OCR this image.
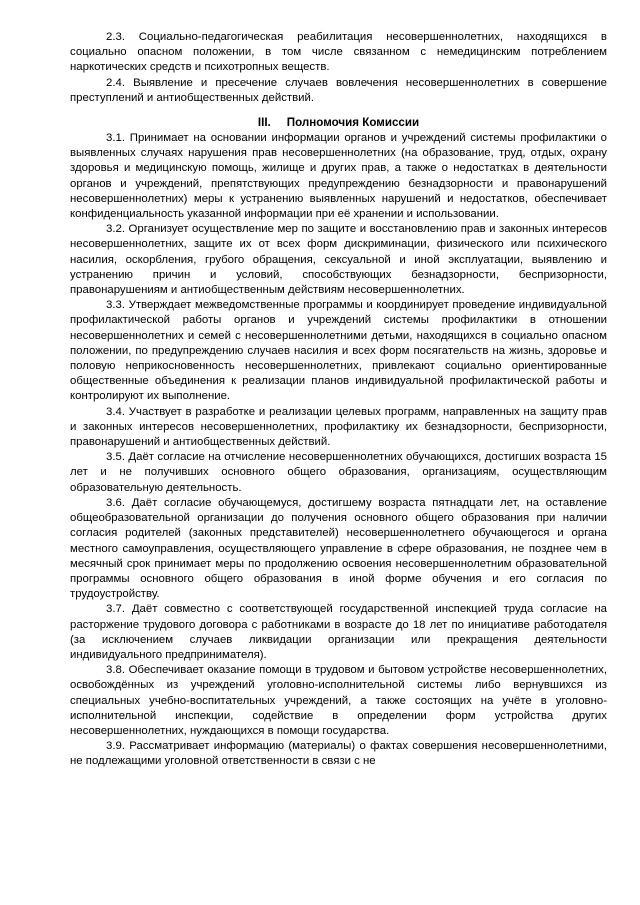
2.3. Социально-педагогическая реабилитация несовершеннолетних, находящихся в социально опасном положении, в том числе связанном с немедицинским потреблением наркотических средств и психотропных веществ.

2.4. Выявление и пресечение случаев вовлечения несовершеннолетних в совершение преступлений и антиобщественных действий.

III. Полномочия Комиссии

3.1. Принимает на основании информации органов и учреждений системы профилактики о выявленных случаях нарушения прав несовершеннолетних (на образование, труд, отдых, охрану здоровья и медицинскую помощь, жилище и других прав, а также о недостатках в деятельности органов и учреждений, препятствующих предупреждению безнадзорности и правонарушений несовершеннолетних) меры к устранению выявленных нарушений и недостатков, обеспечивает конфиденциальность указанной информации при её хранении и использовании.

3.2. Организует осуществление мер по защите и восстановлению прав и законных интересов несовершеннолетних, защите их от всех форм дискриминации, физического или психического насилия, оскорбления, грубого обращения, сексуальной и иной эксплуатации, выявлению и устранению причин и условий, способствующих безнадзорности, беспризорности, правонарушениям и антиобщественным действиям несовершеннолетних.

3.3. Утверждает межведомственные программы и координирует проведение индивидуальной профилактической работы органов и учреждений системы профилактики в отношении несовершеннолетних и семей с несовершеннолетними детьми, находящихся в социально опасном положении, по предупреждению случаев насилия и всех форм посягательств на жизнь, здоровье и половую неприкосновенность несовершеннолетних, привлекают социально ориентированные общественные объединения к реализации планов индивидуальной профилактической работы и контролируют их выполнение.

3.4. Участвует в разработке и реализации целевых программ, направленных на защиту прав и законных интересов несовершеннолетних, профилактику их безнадзорности, беспризорности, правонарушений и антиобщественных действий.

3.5. Даёт согласие на отчисление несовершеннолетних обучающихся, достигших возраста 15 лет и не получивших основного общего образования, организациям, осуществляющим образовательную деятельность.

3.6. Даёт согласие обучающемуся, достигшему возраста пятнадцати лет, на оставление общеобразовательной организации до получения основного общего образования при наличии согласия родителей (законных представителей) несовершеннолетнего обучающегося и органа местного самоуправления, осуществляющего управление в сфере образования, не позднее чем в месячный срок принимает меры по продолжению освоения несовершеннолетним образовательной программы основного общего образования в иной форме обучения и его согласия по трудоустройству.

3.7. Даёт совместно с соответствующей государственной инспекцией труда согласие на расторжение трудового договора с работниками в возрасте до 18 лет по инициативе работодателя (за исключением случаев ликвидации организации или прекращения деятельности индивидуального предпринимателя).

3.8. Обеспечивает оказание помощи в трудовом и бытовом устройстве несовершеннолетних, освобождённых из учреждений уголовно-исполнительной системы либо вернувшихся из специальных учебно-воспитательных учреждений, а также состоящих на учёте в уголовно-исполнительной инспекции, содействие в определении форм устройства других несовершеннолетних, нуждающихся в помощи государства.

3.9. Рассматривает информацию (материалы) о фактах совершения несовершеннолетними, не подлежащими уголовной ответственности в связи с не
